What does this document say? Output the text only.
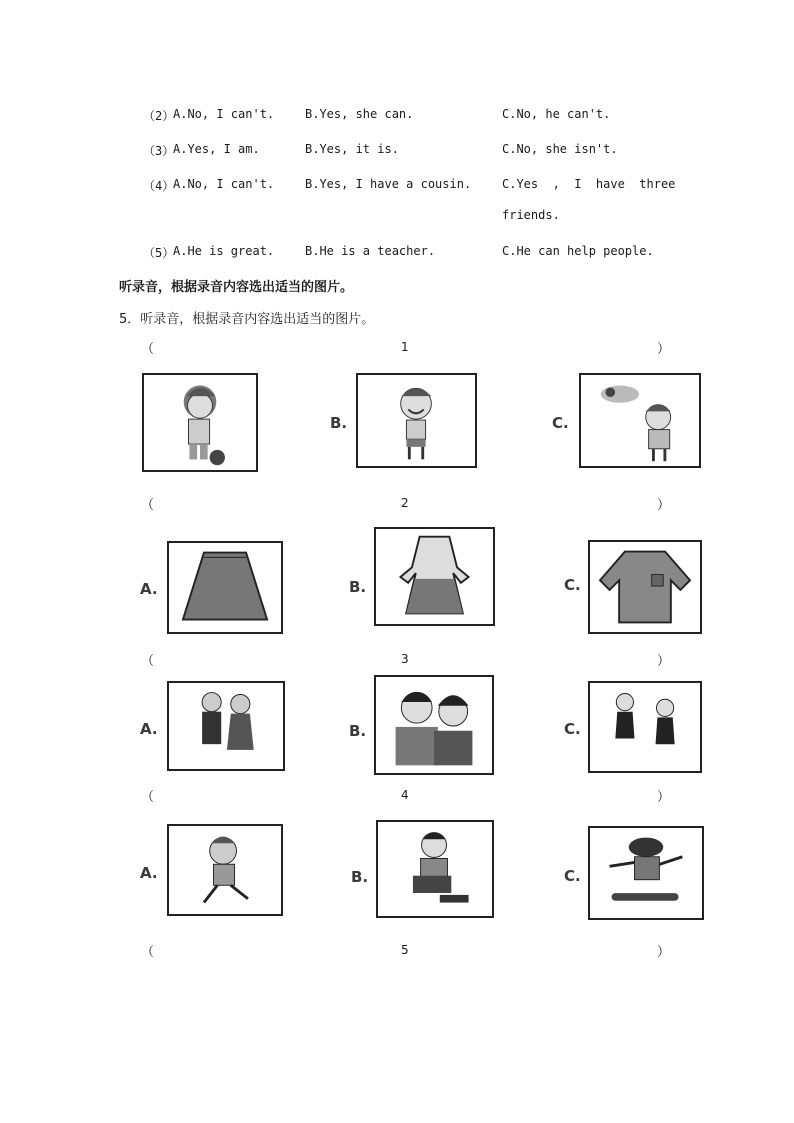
（2）
A.No, I can't.	B.Yes, she can.	C.No, he can't.
（3）
A.Yes, I am.	B.Yes, it is.	C.No, she isn't.
（4）
A.No, I can't.	B.Yes, I have a cousin.	C.Yes  ,  I  have  three
friends.
（5）
A.He is great.	B.He is a teacher.	C.He can help people.
听录音，根据录音内容选出适当的图片。
5．听录音，根据录音内容选出适当的图片。
（	1	）
B.	C.
（	2	）
A.	B.	C.
（	3	）
A.	B.	C.
（	4	）
A.	B.	C.
（	5	）
